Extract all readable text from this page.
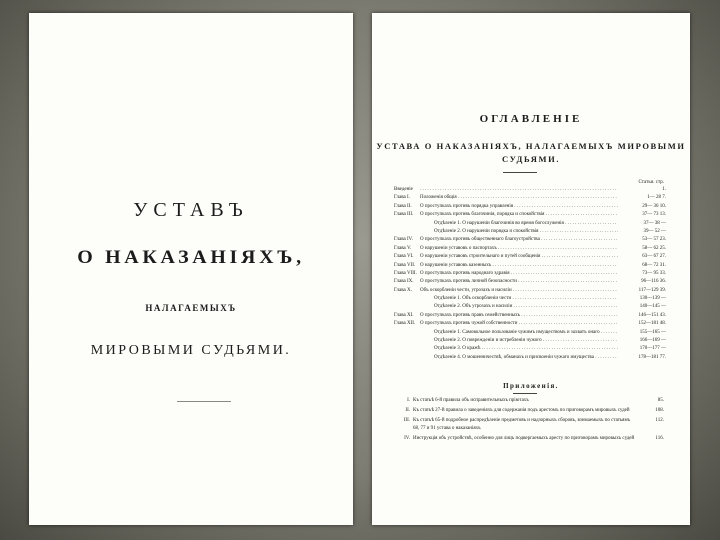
УСТАВЪ
О НАКАЗАНІЯХЪ,
НАЛАГАЕМЫХЪ
МИРОВЫМИ СУДЬЯМИ.
ОГЛАВЛЕНІЕ
УСТАВА О НАКАЗАНІЯХЪ, НАЛАГАЕМЫХЪ МИРОВЫМИ
СУДЬЯМИ.
Статьи. стр.
Введеніе
. . .	1.
Глава I.	Положенія общія . . .	1— 28 7.
Глава II.	О проступкахъ противъ порядка управленія . . .	29— 36 10.
Глава III.	О проступкахъ противъ благочинія, порядка и спокойствія . . .	37— 73 13.
Отдѣленіе 1. О нарушеніи благочинія во время богослуженія . . .	37— 38 —
Отдѣленіе 2. О нарушеніи порядка и спокойствія . . .	39— 52 —
Глава IV.	О проступкахъ противъ общественнаго благоустройства . . .	53— 57 23.
Глава V.	О нарушеніи уставовъ о паспортахъ . . .	58— 62 25.
Глава VI.	О нарушеніи уставовъ строительнаго и путей сообщенія . . .	63— 67 27.
Глава VII. О нарушеніи уставовъ казенныхъ . . .	68— 72 31.
Глава VIII. О проступкахъ противъ народнаго здравія . . .	73— 95 33.
Глава IX.	О проступкахъ противъ личной безопасности . . .	96—116 36.
Глава X.	Объ оскорбленіи чести, угрозахъ и насиліи . . .	117—129 39.
Отдѣленіе 1. Объ оскорбленіи чести . . .	130—139 —
Отдѣленіе 2. Объ угрозахъ и насиліи . . .	140—145 —
Глава XI.	О проступкахъ противъ правъ семейственныхъ . . .	146—151 43.
Глава XII. О проступкахъ противъ чужой собственности . . .	152—181 48.
Отдѣленіе 1. Самовольное пользованіе чужимъ имуществомъ и захватъ онаго . . .	155—165 —
Отдѣленіе 2. О поврежденіи и истребленіи чужого . . .	166—169 —
Отдѣленіе 3. О кражѣ . . .	170—177 —
Отдѣленіе 4. О мошенничествѣ, обманахъ и присвоеніи чужаго имущества . . .	178—181 77.
Приложенія.
I. Къ статьѣ 6-й правила объ исправительныхъ пріютахъ	85.
II. Къ статьѣ 27-й правила о заведеніяхъ для содержанія подъ арестомъ по приговорамъ мировыхъ судей	108.
III. Къ статьѣ 65-й подробное распредѣленіе предметовъ и надзорныхъ сборовъ, взимаемыхъ по статьямъ 68, 77 и 91 устава о наказаніяхъ
112.
IV. Инструкція объ устройствѣ, особенно для лицъ подвергаемыхъ аресту по приговорамъ мировыхъ судей	116.
